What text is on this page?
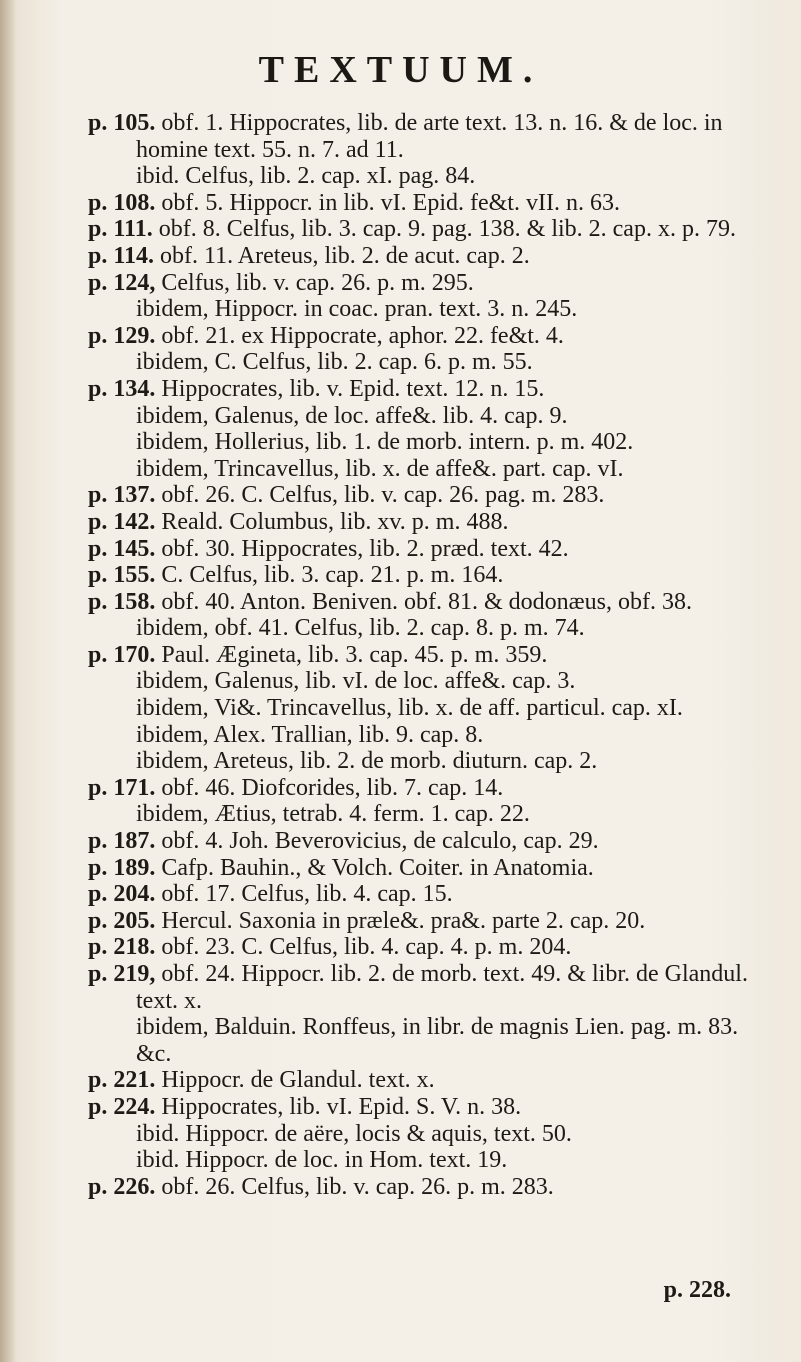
TEXTUUM.
p. 105. obf. 1. Hippocrates, lib. de arte text. 13. n. 16. & de loc. in homine text. 55. n. 7. ad 11.
ibid. Celfus, lib. 2. cap. xI. pag. 84.
p. 108. obf. 5. Hippocr. in lib. vI. Epid. fe&t. vII. n. 63.
p. 111. obf. 8. Celfus, lib. 3. cap. 9. pag. 138. & lib. 2. cap. x. p. 79.
p. 114. obf. 11. Areteus, lib. 2. de acut. cap. 2.
p. 124, Celfus, lib. v. cap. 26. p. m. 295.
ibidem, Hippocr. in coac. pran. text. 3. n. 245.
p. 129. obf. 21. ex Hippocrate, aphor. 22. fe&t. 4.
ibidem, C. Celfus, lib. 2. cap. 6. p. m. 55.
p. 134. Hippocrates, lib. v. Epid. text. 12. n. 15.
ibidem, Galenus, de loc. affe&. lib. 4. cap. 9.
ibidem, Hollerius, lib. 1. de morb. intern. p. m. 402.
ibidem, Trincavellus, lib. x. de affe&. part. cap. vI.
p. 137. obf. 26. C. Celfus, lib. v. cap. 26. pag. m. 283.
p. 142. Reald. Columbus, lib. xv. p. m. 488.
p. 145. obf. 30. Hippocrates, lib. 2. præd. text. 42.
p. 155. C. Celfus, lib. 3. cap. 21. p. m. 164.
p. 158. obf. 40. Anton. Beniven. obf. 81. & dodonæus, obf. 38.
ibidem, obf. 41. Celfus, lib. 2. cap. 8. p. m. 74.
p. 170. Paul. Ægineta, lib. 3. cap. 45. p. m. 359.
ibidem, Galenus, lib. vI. de loc. affe&. cap. 3.
ibidem, Vi&. Trincavellus, lib. x. de aff. particul. cap. xI.
ibidem, Alex. Trallian, lib. 9. cap. 8.
ibidem, Areteus, lib. 2. de morb. diuturn. cap. 2.
p. 171. obf. 46. Diofcorides, lib. 7. cap. 14.
ibidem, Ætius, tetrab. 4. ferm. 1. cap. 22.
p. 187. obf. 4. Joh. Beverovicius, de calculo, cap. 29.
p. 189. Cafp. Bauhin., & Volch. Coiter. in Anatomia.
p. 204. obf. 17. Celfus, lib. 4. cap. 15.
p. 205. Hercul. Saxonia in præle&. pra&. parte 2. cap. 20.
p. 218. obf. 23. C. Celfus, lib. 4. cap. 4. p. m. 204.
p. 219, obf. 24. Hippocr. lib. 2. de morb. text. 49. & libr. de Glandul. text. x.
ibidem, Balduin. Ronffeus, in libr. de magnis Lien. pag. m. 83. &c.
p. 221. Hippocr. de Glandul. text. x.
p. 224. Hippocrates, lib. vI. Epid. S. V. n. 38.
ibid. Hippocr. de aëre, locis & aquis, text. 50.
ibid. Hippocr. de loc. in Hom. text. 19.
p. 226. obf. 26. Celfus, lib. v. cap. 26. p. m. 283.
p. 228.
